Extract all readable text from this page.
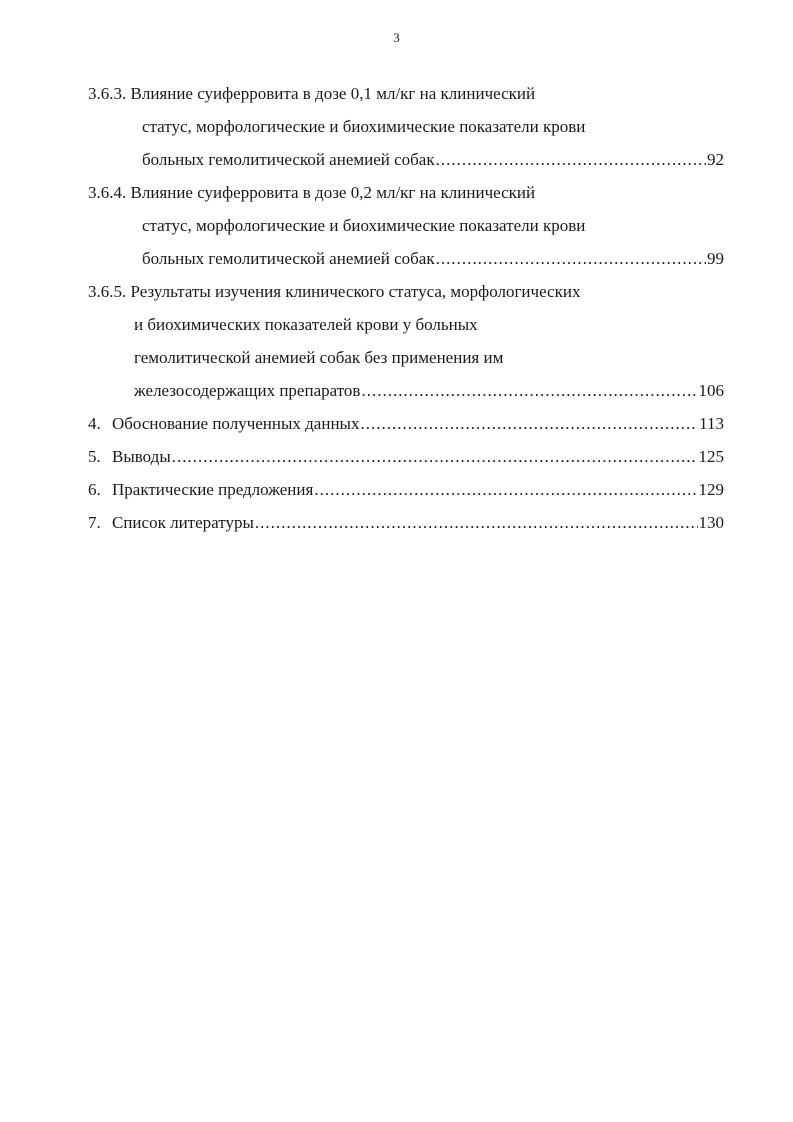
3
3.6.3. Влияние суиферровита в дозе 0,1 мл/кг на клинический
статус, морфологические и биохимические показатели крови
больных гемолитической анемией собак .....	92
3.6.4. Влияние суиферровита в дозе 0,2 мл/кг на клинический
статус, морфологические и биохимические показатели крови
больных гемолитической анемией собак .....	99
3.6.5. Результаты изучения клинического статуса, морфологических
и биохимических показателей крови у больных
гемолитической анемией собак без применения им
железосодержащих препаратов .....	106
4. Обоснование полученных данных .....	113
5. Выводы .....	125
6. Практические предложения .....	129
7. Список литературы .....	130
